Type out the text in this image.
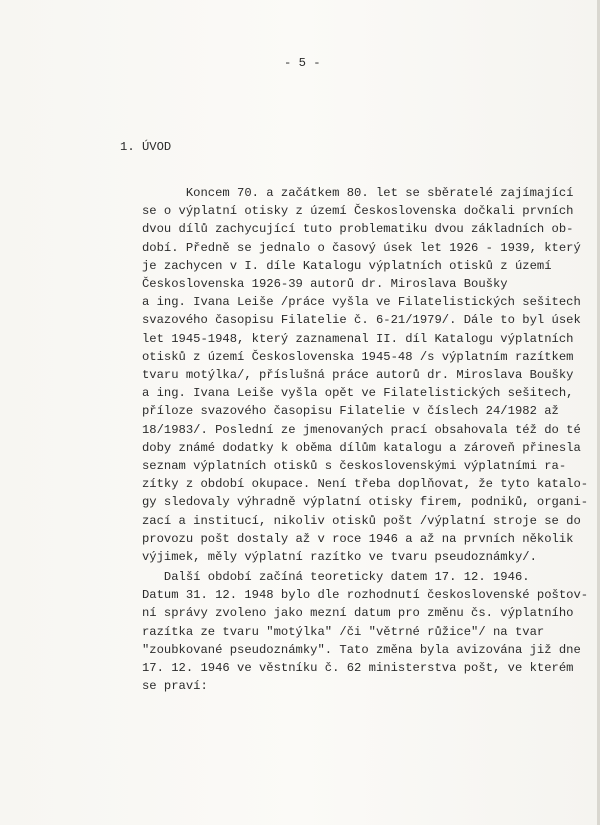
- 5 -
1. ÚVOD
Koncem 70. a začátkem 80. let se sběratelé zajímající
se o výplatní otisky z území Československa dočkali prvních
dvou dílů zachycující tuto problematiku dvou základních ob-
dobí. Předně se jednalo o časový úsek let 1926 - 1939, který
je zachycen v I. díle Katalogu výplatních otisků z území
Československa 1926-39 autorů dr. Miroslava Boušky
a ing. Ivana Leiše /práce vyšla ve Filatelistických sešitech
svazového časopisu Filatelie č. 6-21/1979/. Dále to byl úsek
let 1945-1948, který zaznamenal II. díl Katalogu výplatních
otisků z území Československa 1945-48 /s výplatním razítkem
tvaru motýlka/, příslušná práce autorů dr. Miroslava Boušky
a ing. Ivana Leiše vyšla opět ve Filatelistických sešitech,
příloze svazového časopisu Filatelie v číslech 24/1982 až
18/1983/. Poslední ze jmenovaných prací obsahovala též do té
doby známé dodatky k oběma dílům katalogu a zároveň přinesla
seznam výplatních otisků s československými výplatními ra-
zítky z období okupace. Není třeba doplňovat, že tyto katalo-
gy sledovaly výhradně výplatní otisky firem, podniků, organi-
zací a institucí, nikoliv otisků pošt /výplatní stroje se do
provozu pošt dostaly až v roce 1946 a až na prvních několik
výjimek, měly výplatní razítko ve tvaru pseudoznámky/.
Další období začíná teoreticky datem 17. 12. 1946.
Datum 31. 12. 1948 bylo dle rozhodnutí československé poštov-
ní správy zvoleno jako mezní datum pro změnu čs. výplatního
razítka ze tvaru "motýlka" /či "větrné růžice"/ na tvar
"zoubkované pseudoznámky". Tato změna byla avizována již dne
17. 12. 1946 ve věstníku č. 62 ministerstva pošt, ve kterém
se praví:
